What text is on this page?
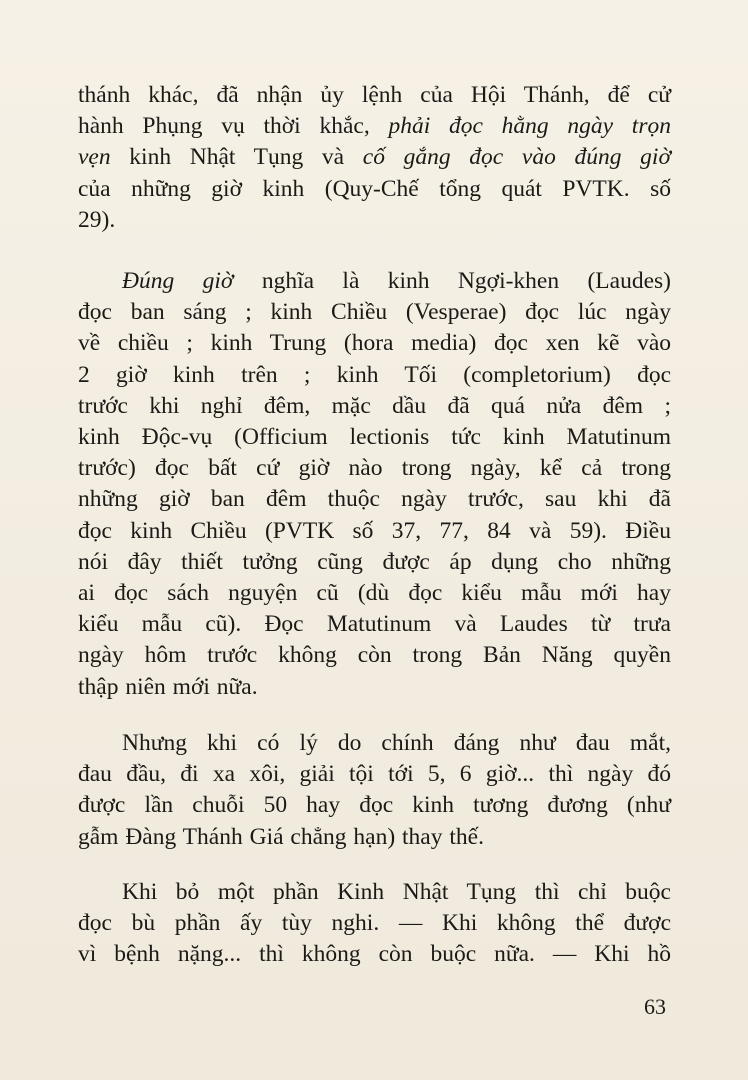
thánh khác, đã nhận ủy lệnh của Hội Thánh, để cử
hành Phụng vụ thời khắc, phải đọc hằng ngày trọn
vẹn kinh Nhật Tụng và cố gắng đọc vào đúng giờ
của những giờ kinh (Quy-Chế tổng quát PVTK. số
29).
Đúng giờ nghĩa là kinh Ngợi-khen (Laudes)
đọc ban sáng ; kinh Chiều (Vesperae) đọc lúc ngày
về chiều ; kinh Trung (hora media) đọc xen kẽ vào
2 giờ kinh trên ; kinh Tối (completorium) đọc
trước khi nghỉ đêm, mặc dầu đã quá nửa đêm ;
kinh Độc-vụ (Officium lectionis tức kinh Matutinum
trước) đọc bất cứ giờ nào trong ngày, kể cả trong
những giờ ban đêm thuộc ngày trước, sau khi đã
đọc kinh Chiều (PVTK số 37, 77, 84 và 59). Điều
nói đây thiết tưởng cũng được áp dụng cho những
ai đọc sách nguyện cũ (dù đọc kiểu mẫu mới hay
kiểu mẫu cũ). Đọc Matutinum và Laudes từ trưa
ngày hôm trước không còn trong Bản Năng quyền
thập niên mới nữa.
Nhưng khi có lý do chính đáng như đau mắt,
đau đầu, đi xa xôi, giải tội tới 5, 6 giờ... thì ngày đó
được lần chuỗi 50 hay đọc kinh tương đương (như
gẫm Đàng Thánh Giá chẳng hạn) thay thế.
Khi bỏ một phần Kinh Nhật Tụng thì chỉ buộc
đọc bù phần ấy tùy nghi. — Khi không thể được
vì bệnh nặng... thì không còn buộc nữa. — Khi hồ
63
